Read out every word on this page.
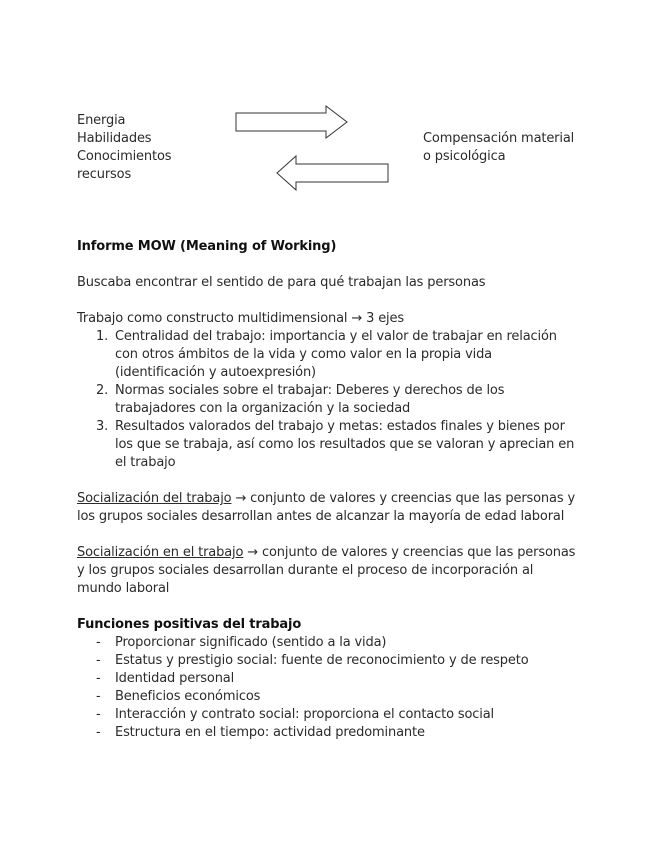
Energia
Habilidades
Conocimientos
recursos
Compensación material
o psicológica
Informe MOW (Meaning of Working)
Buscaba encontrar el sentido de para qué trabajan las personas
Trabajo como constructo multidimensional → 3 ejes
1. Centralidad del trabajo: importancia y el valor de trabajar en relación
con otros ámbitos de la vida y como valor en la propia vida
(identificación y autoexpresión)
2. Normas sociales sobre el trabajar: Deberes y derechos de los
trabajadores con la organización y la sociedad
3. Resultados valorados del trabajo y metas: estados finales y bienes por
los que se trabaja, así como los resultados que se valoran y aprecian en
el trabajo
Socialización del trabajo → conjunto de valores y creencias que las personas y
los grupos sociales desarrollan antes de alcanzar la mayoría de edad laboral
Socialización en el trabajo → conjunto de valores y creencias que las personas
y los grupos sociales desarrollan durante el proceso de incorporación al
mundo laboral
Funciones positivas del trabajo
- Proporcionar significado (sentido a la vida)
- Estatus y prestigio social: fuente de reconocimiento y de respeto
- Identidad personal
- Beneficios económicos
- Interacción y contrato social: proporciona el contacto social
- Estructura en el tiempo: actividad predominante
